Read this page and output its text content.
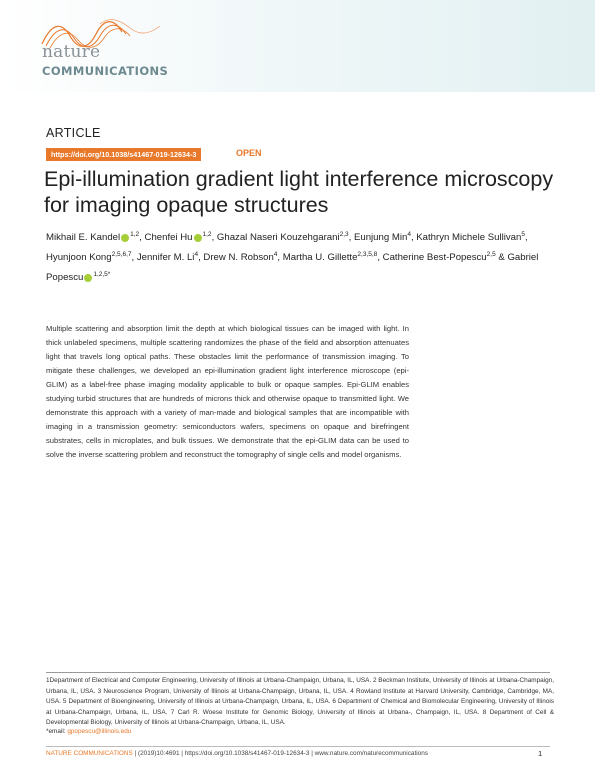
nature
COMMUNICATIONS
ARTICLE
https://doi.org/10.1038/s41467-019-12634-3	OPEN
Epi-illumination gradient light interference microscopy for imaging opaque structures
Mikhail E. Kandel $^{1,2}$, Chenfei Hu $^{1,2}$, Ghazal Naseri Kouzehgarani$^{2,3}$, Eunjung Min$^4$, Kathryn Michele Sullivan$^5$, Hyunjoon Kong$^{2,5,6,7}$, Jennifer M. Li$^4$, Drew N. Robson$^4$, Martha U. Gillette$^{2,3,5,8}$, Catherine Best-Popescu$^{2,5}$ & Gabriel Popescu $^{1,2,5*}$

Multiple scattering and absorption limit the depth at which biological tissues can be imaged with light. In thick unlabeled specimens, multiple scattering randomizes the phase of the field and absorption attenuates light that travels long optical paths. These obstacles limit the performance of transmission imaging. To mitigate these challenges, we developed an epi-illumination gradient light interference microscope (epi-GLIM) as a label-free phase imaging modality applicable to bulk or opaque samples. Epi-GLIM enables studying turbid structures that are hundreds of microns thick and otherwise opaque to transmitted light. We demonstrate this approach with a variety of man-made and biological samples that are incompatible with imaging in a transmission geometry: semiconductors wafers, specimens on opaque and birefringent substrates, cells in microplates, and bulk tissues. We demonstrate that the epi-GLIM data can be used to solve the inverse scattering problem and reconstruct the tomography of single cells and model organisms.

1Department of Electrical and Computer Engineering, University of Illinois at Urbana-Champaign, Urbana, IL, USA. 2 Beckman Institute, University of Illinois at Urbana-Champaign, Urbana, IL, USA. 3 Neuroscience Program, University of Illinois at Urbana-Champaign, Urbana, IL, USA. 4 Rowland Institute at Harvard University, Cambridge, Cambridge, MA, USA. 5 Department of Bioengineering, University of Illinois at Urbana-Champaign, Urbana, IL, USA. 6 Department of Chemical and Biomolecular Engineering, University of Illinois at Urbana-Champaign, Urbana, IL, USA. 7 Carl R. Woese Institute for Genomic Biology, University of Illinois at Urbana-, Champaign, IL, USA. 8 Department of Cell & Developmental Biology, University of Illinois at Urbana-Champaign, Urbana, IL, USA.

*email: gpopescu@illinois.edu
NATURE COMMUNICATIONS | (2019)10:4691 | https://doi.org/10.1038/s41467-019-12634-3 | www.nature.com/naturecommunications	1
